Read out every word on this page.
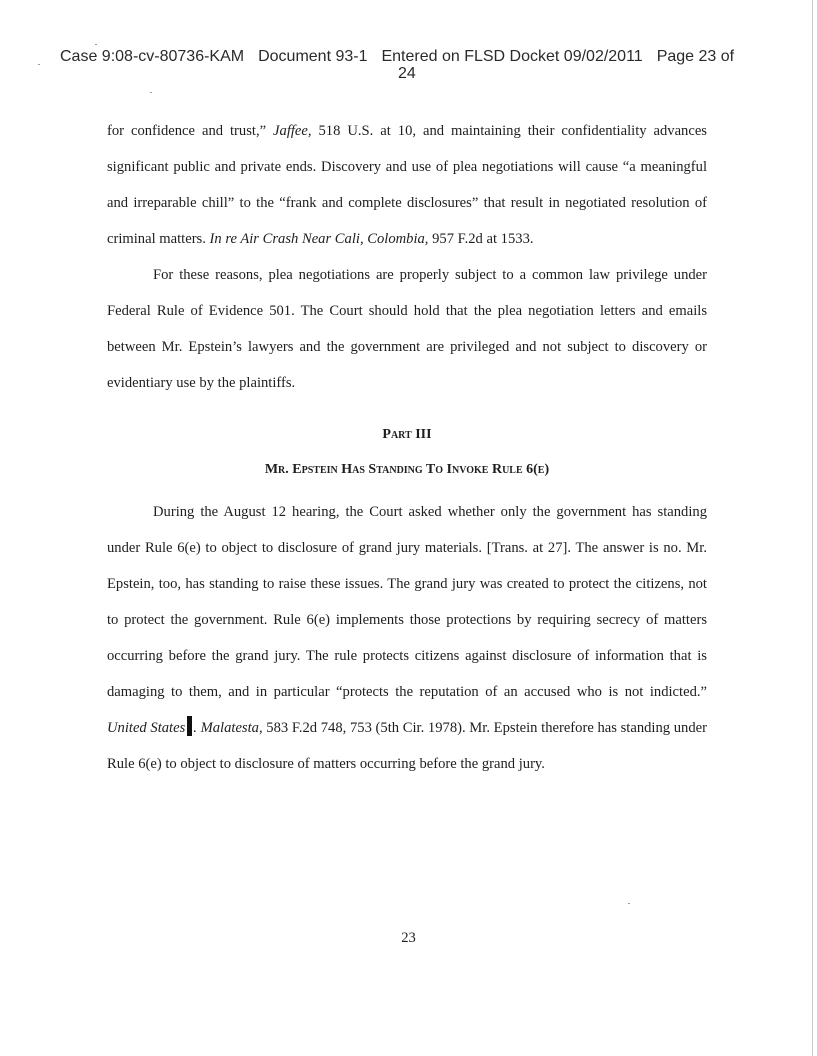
Case 9:08-cv-80736-KAM Document 93-1 Entered on FLSD Docket 09/02/2011 Page 23 of
24

for confidence and trust,” Jaffee, 518 U.S. at 10, and maintaining their confidentiality advances significant public and private ends. Discovery and use of plea negotiations will cause “a meaningful and irreparable chill” to the “frank and complete disclosures” that result in negotiated resolution of criminal matters. In re Air Crash Near Cali, Colombia, 957 F.2d at 1533.

For these reasons, plea negotiations are properly subject to a common law privilege under Federal Rule of Evidence 501. The Court should hold that the plea negotiation letters and emails between Mr. Epstein’s lawyers and the government are privileged and not subject to discovery or evidentiary use by the plaintiffs.

Part III
Mr. Epstein Has Standing To Invoke Rule 6(e)

During the August 12 hearing, the Court asked whether only the government has standing under Rule 6(e) to object to disclosure of grand jury materials. [Trans. at 27]. The answer is no. Mr. Epstein, too, has standing to raise these issues. The grand jury was created to protect the citizens, not to protect the government. Rule 6(e) implements those protections by requiring secrecy of matters occurring before the grand jury. The rule protects citizens against disclosure of information that is damaging to them, and in particular “protects the reputation of an accused who is not indicted.” United States . Malatesta, 583 F.2d 748, 753 (5th Cir. 1978). Mr. Epstein therefore has standing under Rule 6(e) to object to disclosure of matters occurring before the grand jury.

23
